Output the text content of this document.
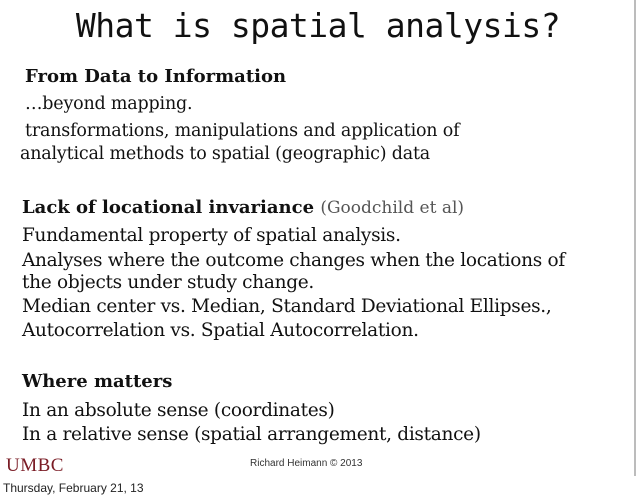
What is spatial analysis?
From Data to Information
…beyond mapping.
transformations, manipulations and application of
analytical methods to spatial (geographic) data
Lack of locational invariance (Goodchild et al)
Fundamental property of spatial analysis.
Analyses where the outcome changes when the locations of
the objects under study change.
Median center vs. Median, Standard Deviational Ellipses.,
Autocorrelation vs. Spatial Autocorrelation.
Where matters
In an absolute sense (coordinates)
In a relative sense (spatial arrangement, distance)
UMBC	Richard Heimann © 2013
Thursday, February 21, 13
